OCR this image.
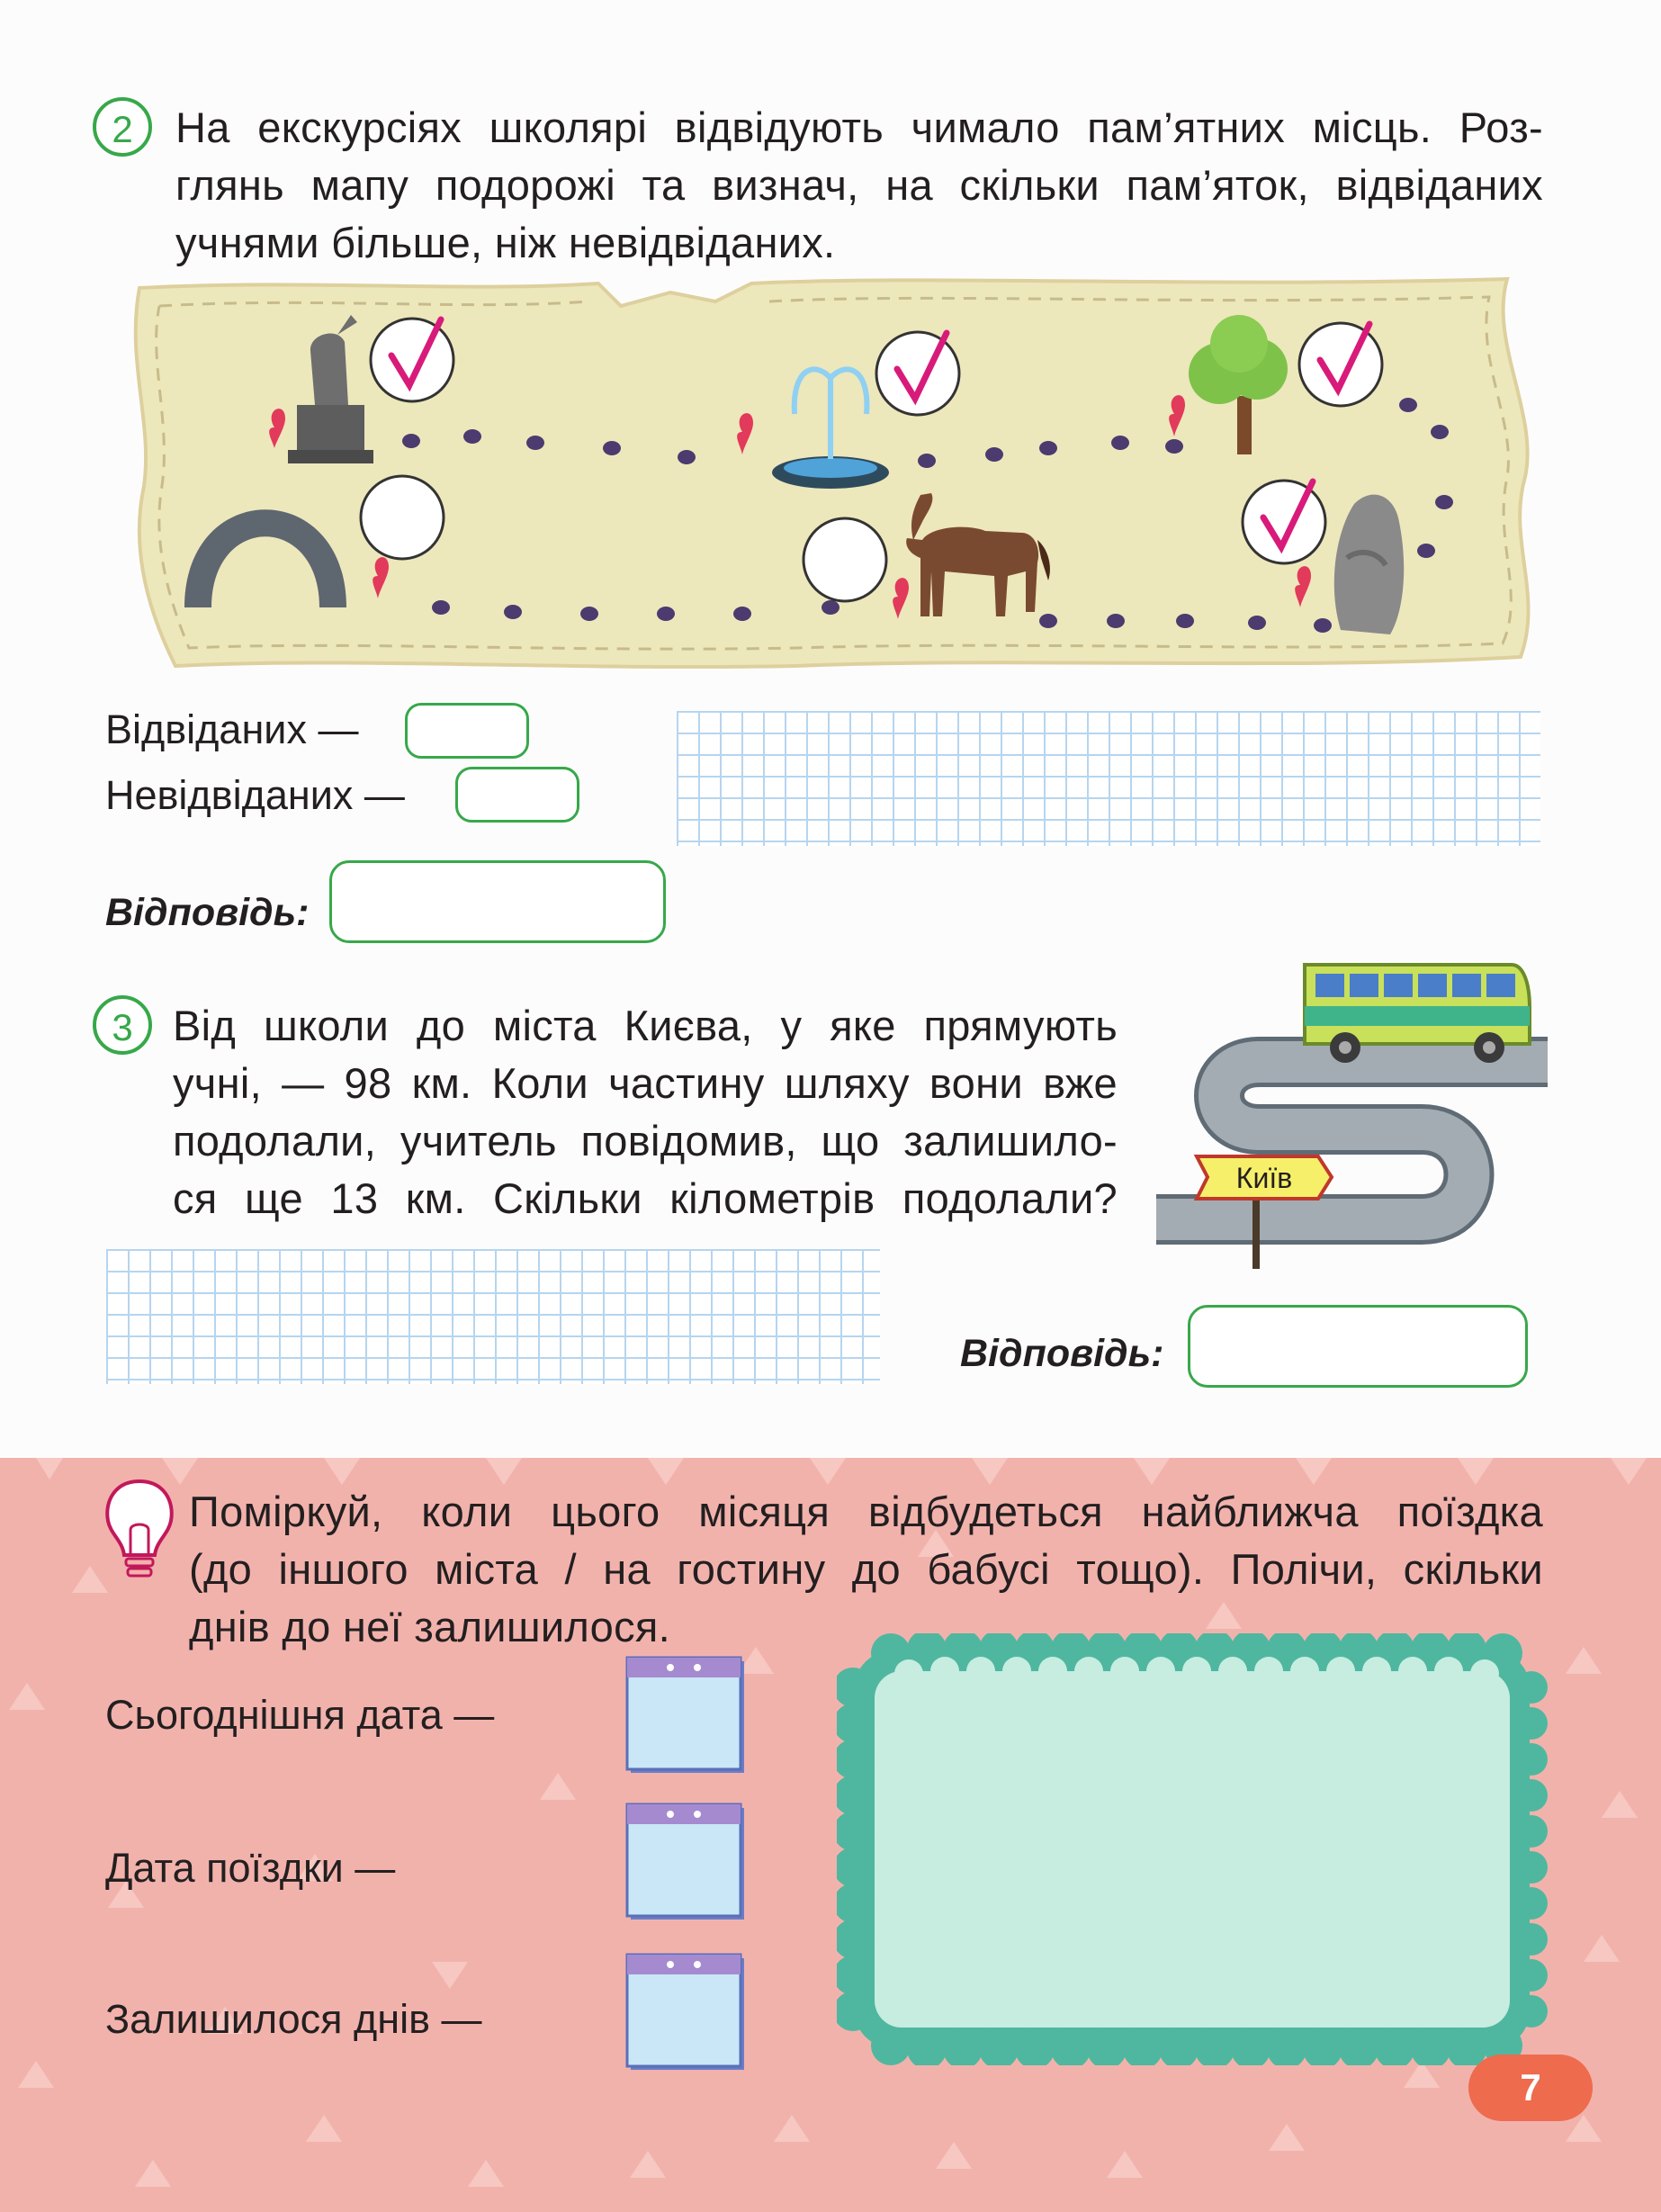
2	На екскурсіях школярі відвідують чимало пам’ятних місць. Роз-
глянь мапу подорожі та визнач, на скільки пам’яток, відвіданих
учнями більше, ніж невідвіданих.
Відвіданих —
Невідвіданих —
Відповідь:
3 Від школи до міста Києва, у яке прямують
учні, — 98 км. Коли частину шляху вони вже
подолали, учитель повідомив, що залишило-
ся ще 13 км. Скільки кілометрів подолали?	Київ
Відповідь:
Поміркуй, коли цього місяця відбудеться найближча поїздка
(до іншого міста / на гостину до бабусі тощо). Полічи, скільки
днів до неї залишилося.
Сьогоднішня дата —
Дата поїздки —
Залишилося днів —
7
